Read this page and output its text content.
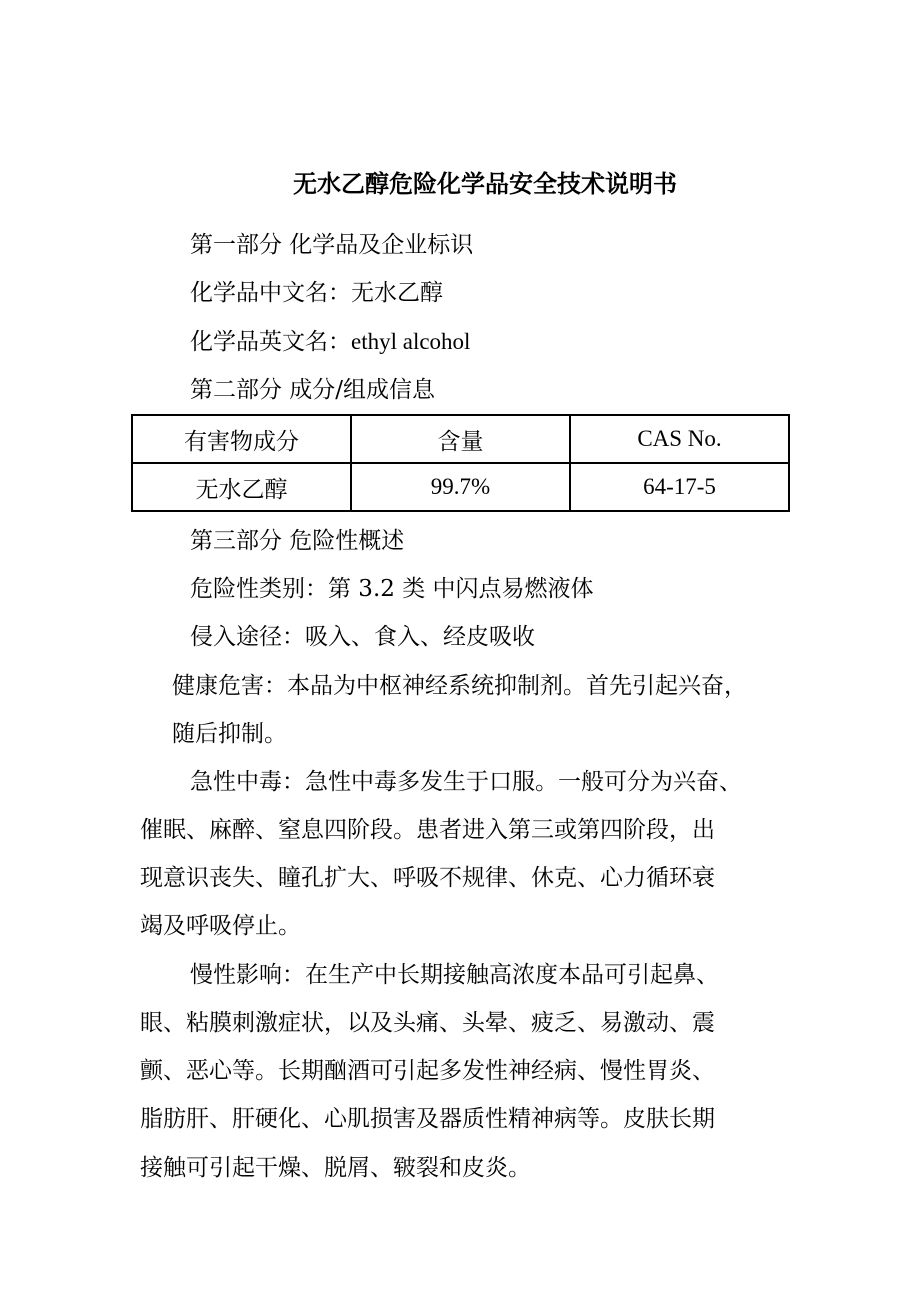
无水乙醇危险化学品安全技术说明书
第一部分 化学品及企业标识
化学品中文名：无水乙醇
化学品英文名：ethyl alcohol
第二部分 成分/组成信息
有害物成分	含量	CAS No.
无水乙醇	99.7%	64-17-5
第三部分 危险性概述
危险性类别：第 3.2 类 中闪点易燃液体
侵入途径：吸入、食入、经皮吸收
健康危害：本品为中枢神经系统抑制剂。首先引起兴奋，
随后抑制。
急性中毒：急性中毒多发生于口服。一般可分为兴奋、
催眠、麻醉、窒息四阶段。患者进入第三或第四阶段，出
现意识丧失、瞳孔扩大、呼吸不规律、休克、心力循环衰
竭及呼吸停止。
慢性影响：在生产中长期接触高浓度本品可引起鼻、
眼、粘膜刺激症状，以及头痛、头晕、疲乏、易激动、震
颤、恶心等。长期酗酒可引起多发性神经病、慢性胃炎、
脂肪肝、肝硬化、心肌损害及器质性精神病等。皮肤长期
接触可引起干燥、脱屑、皲裂和皮炎。
